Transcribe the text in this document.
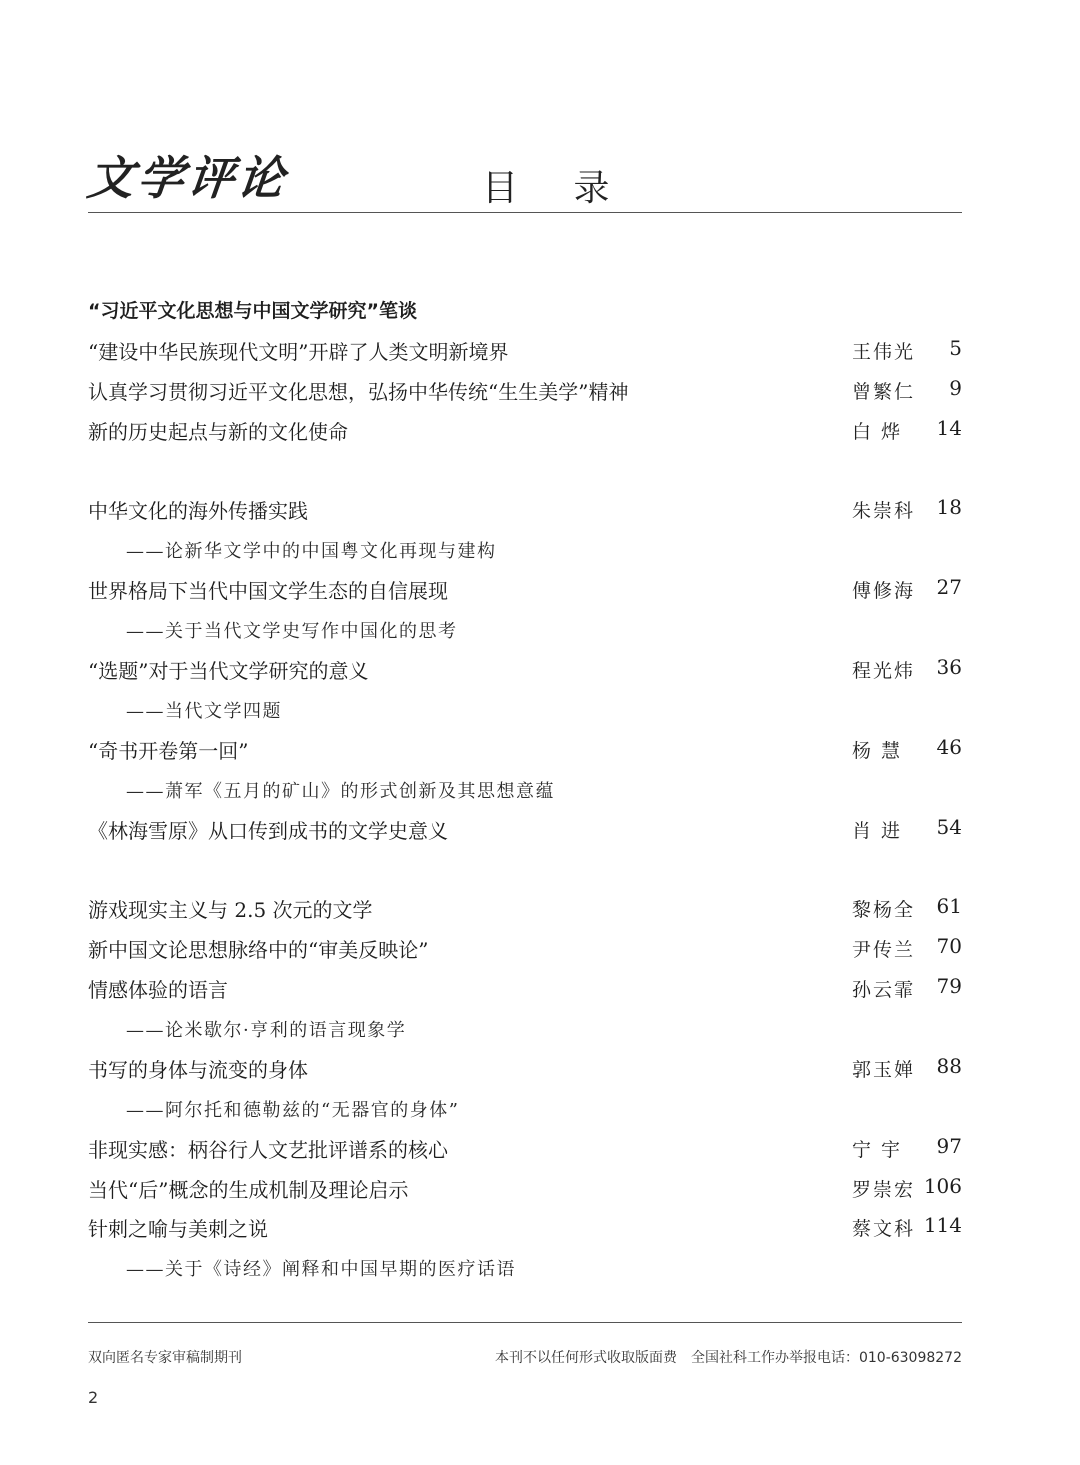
文学评论	目 录
“习近平文化思想与中国文学研究”笔谈
“建设中华民族现代文明”开辟了人类文明新境界	王伟光 5
认真学习贯彻习近平文化思想，弘扬中华传统“生生美学”精神	曾繁仁 9
新的历史起点与新的文化使命	白 烨 14
中华文化的海外传播实践	朱崇科 18
——论新华文学中的中国粤文化再现与建构
世界格局下当代中国文学生态的自信展现	傅修海 27
——关于当代文学史写作中国化的思考
“选题”对于当代文学研究的意义	程光炜 36
——当代文学四题
“奇书开卷第一回”	杨 慧 46
——萧军《五月的矿山》的形式创新及其思想意蕴
《林海雪原》从口传到成书的文学史意义	肖 进 54
游戏现实主义与 2.5 次元的文学	黎杨全 61
新中国文论思想脉络中的“审美反映论”	尹传兰 70
情感体验的语言	孙云霏 79
——论米歇尔·亨利的语言现象学
书写的身体与流变的身体	郭玉婵 88
——阿尔托和德勒兹的“无器官的身体”
非现实感：柄谷行人文艺批评谱系的核心	宁 宇 97
当代“后”概念的生成机制及理论启示	罗崇宏 106
针刺之喻与美刺之说	蔡文科 114
——关于《诗经》阐释和中国早期的医疗话语
双向匿名专家审稿制期刊	本刊不以任何形式收取版面费 全国社科工作办举报电话：010-63098272
2
